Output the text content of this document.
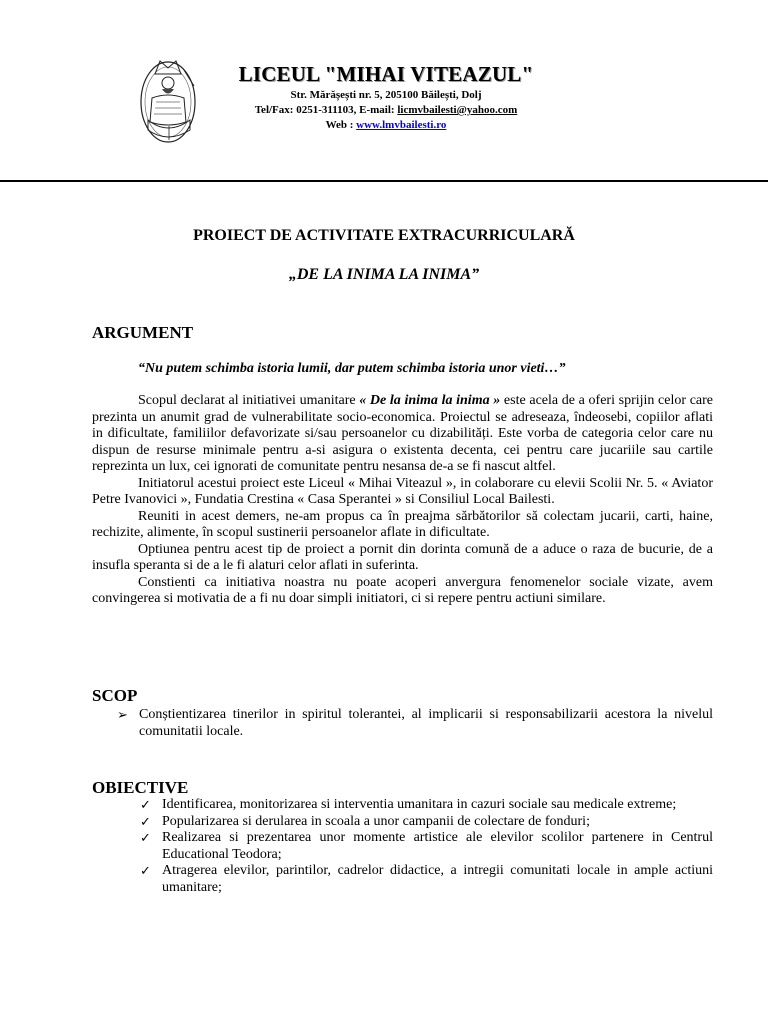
LICEUL "MIHAI VITEAZUL"
Str. Mărășești nr. 5, 205100 Băilești, Dolj
Tel/Fax: 0251-311103, E-mail: licmvbailesti@yahoo.com
Web : www.lmvbailesti.ro
PROIECT DE ACTIVITATE EXTRACURRICULARĂ
„DE LA INIMA LA INIMA”
ARGUMENT
“Nu putem schimba istoria lumii, dar putem schimba istoria unor vieti…”

Scopul declarat al initiativei umanitare « De la inima la inima » este acela de a oferi sprijin celor care prezinta un anumit grad de vulnerabilitate socio-economica. Proiectul se adreseaza, îndeosebi, copiilor aflati in dificultate, familiilor defavorizate si/sau persoanelor cu dizabilități. Este vorba de categoria celor care nu dispun de resurse minimale pentru a-si asigura o existenta decenta, cei pentru care jucariile sau cartile reprezinta un lux, cei ignorati de comunitate pentru nesansa de-a se fi nascut altfel.

Initiatorul acestui proiect este Liceul « Mihai Viteazul », in colaborare cu elevii Scolii Nr. 5. « Aviator Petre Ivanovici », Fundatia Crestina « Casa Sperantei » si Consiliul Local Bailesti.

Reuniti in acest demers, ne-am propus ca în preajma sărbătorilor să colectam jucarii, carti, haine, rechizite, alimente, în scopul sustinerii persoanelor aflate in dificultate.

Optiunea pentru acest tip de proiect a pornit din dorinta comună de a aduce o raza de bucurie, de a insufla speranta si de a le fi alaturi celor aflati in suferinta.

Constienti ca initiativa noastra nu poate acoperi anvergura fenomenelor sociale vizate, avem convingerea si motivatia de a fi nu doar simpli initiatori, ci si repere pentru actiuni similare.

SCOP
➢ Conștientizarea tinerilor in spiritul tolerantei, al implicarii si responsabilizarii acestora la nivelul comunitatii locale.
OBIECTIVE
✓ Identificarea, monitorizarea si interventia umanitara in cazuri sociale sau medicale extreme;
✓ Popularizarea si derularea in scoala a unor campanii de colectare de fonduri;
✓ Realizarea si prezentarea unor momente artistice ale elevilor scolilor partenere in Centrul Educational Teodora;
✓ Atragerea elevilor, parintilor, cadrelor didactice, a intregii comunitati locale in ample actiuni umanitare;
